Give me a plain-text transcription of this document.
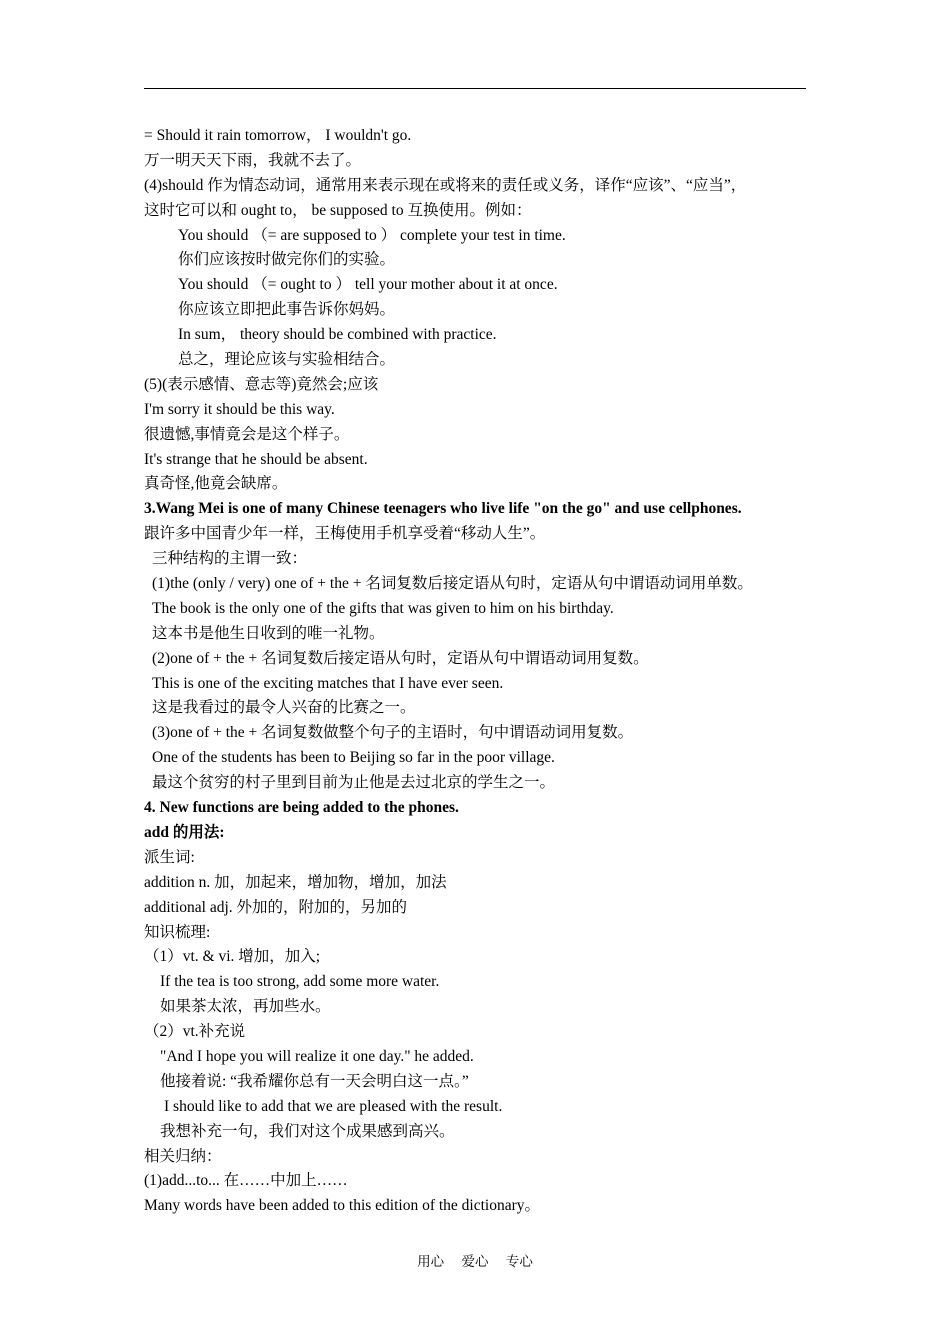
= Should it rain tomorrow， I wouldn't go.
万一明天天下雨，我就不去了。
(4)should 作为情态动词，通常用来表示现在或将来的责任或义务，译作“应该”、“应当”，
这时它可以和 ought to， be supposed to 互换使用。例如：
You should （= are supposed to ） complete your test in time.
你们应该按时做完你们的实验。
You should （= ought to ） tell your mother about it at once.
你应该立即把此事告诉你妈妈。
In sum， theory should be combined with practice.
总之，理论应该与实验相结合。
(5)(表示感情、意志等)竟然会;应该
I'm sorry it should be this way.
很遗憾,事情竟会是这个样子。
It's strange that he should be absent.
真奇怪,他竟会缺席。
3.Wang Mei is one of many Chinese teenagers who live life "on the go" and use cellphones.
跟许多中国青少年一样，王梅使用手机享受着“移动人生”。
三种结构的主谓一致：
(1)the (only / very) one of + the + 名词复数后接定语从句时，定语从句中谓语动词用单数。
The book is the only one of the gifts that was given to him on his birthday.
这本书是他生日收到的唯一礼物。
(2)one of + the + 名词复数后接定语从句时，定语从句中谓语动词用复数。
This is one of the exciting matches that I have ever seen.
这是我看过的最令人兴奋的比赛之一。
(3)one of + the + 名词复数做整个句子的主语时，句中谓语动词用复数。
One of the students has been to Beijing so far in the poor village.
最这个贫穷的村子里到目前为止他是去过北京的学生之一。
4. New functions are being added to the phones.
add 的用法:
派生词:
addition n. 加，加起来，增加物，增加，加法
additional adj. 外加的，附加的，另加的
知识梳理:
（1）vt. & vi. 增加，加入;
If the tea is too strong, add some more water.
如果茶太浓，再加些水。
（2）vt.补充说
"And I hope you will realize it one day." he added.
他接着说: “我希耀你总有一天会明白这一点。”
I should like to add that we are pleased with the result.
我想补充一句，我们对这个成果感到高兴。
相关归纳：
(1)add...to... 在……中加上……
Many words have been added to this edition of the dictionary。
用心 爱心 专心
